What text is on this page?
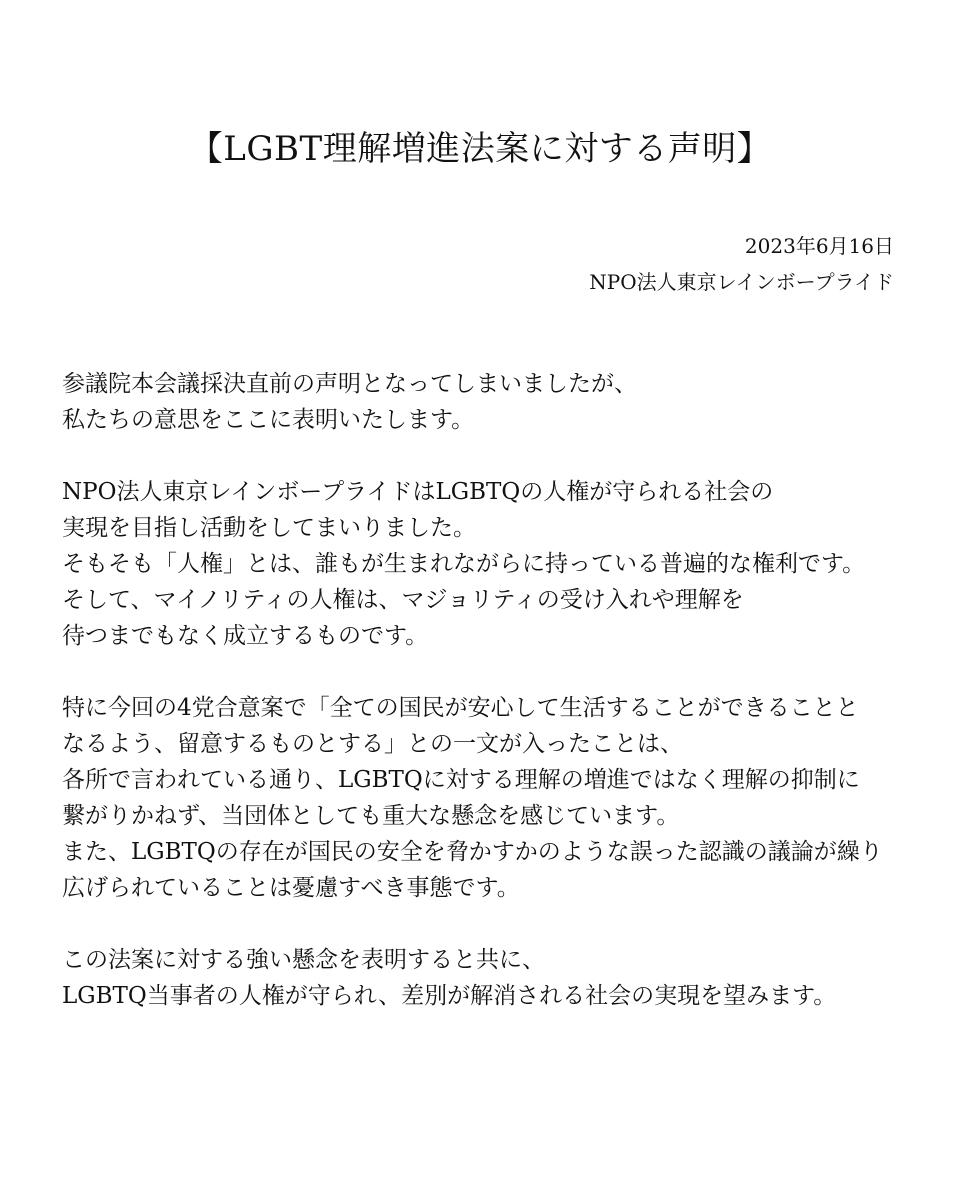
【LGBT理解増進法案に対する声明】
2023年6月16日
NPO法人東京レインボープライド
参議院本会議採決直前の声明となってしまいましたが、
私たちの意思をここに表明いたします。
NPO法人東京レインボープライドはLGBTQの人権が守られる社会の
実現を目指し活動をしてまいりました。
そもそも「人権」とは、誰もが生まれながらに持っている普遍的な権利です。
そして、マイノリティの人権は、マジョリティの受け入れや理解を
待つまでもなく成立するものです。
特に今回の4党合意案で「全ての国民が安心して生活することができることと
なるよう、留意するものとする」との一文が入ったことは、
各所で言われている通り、LGBTQに対する理解の増進ではなく理解の抑制に
繋がりかねず、当団体としても重大な懸念を感じています。
また、LGBTQの存在が国民の安全を脅かすかのような誤った認識の議論が繰り
広げられていることは憂慮すべき事態です。
この法案に対する強い懸念を表明すると共に、
LGBTQ当事者の人権が守られ、差別が解消される社会の実現を望みます。
